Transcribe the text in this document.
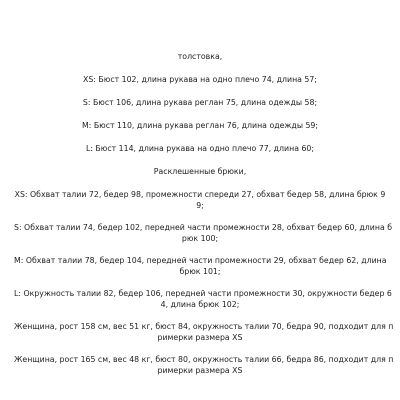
толстовка,
XS: Бюст 102, длина рукава на одно плечо 74, длина 57;
S: Бюст 106, длина рукава реглан 75, длина одежды 58;
M: Бюст 110, длина рукава реглан 76, длина одежды 59;
L: Бюст 114, длина рукава на одно плечо 77, длина 60;
Расклешенные брюки,
XS: Обхват талии 72, бедер 98, промежности спереди 27, обхват бедер 58, длина брюк 9
9;
S: Обхват талии 74, бедер 102, передней части промежности 28, обхват бедер 60, длина б
рюк 100;
M: Обхват талии 78, бедер 104, передней части промежности 29, обхват бедер 62, длина
брюк 101;
L: Окружность талии 82, бедер 106, передней части промежности 30, окружности бедер 6
4, длина брюк 102;
Женщина, рост 158 см, вес 51 кг, бюст 84, окружность талии 70, бедра 90, подходит для п
римерки размера XS
Женщина, рост 165 см, вес 48 кг, бюст 80, окружность талии 66, бедра 86, подходит для п
римерки размера XS
